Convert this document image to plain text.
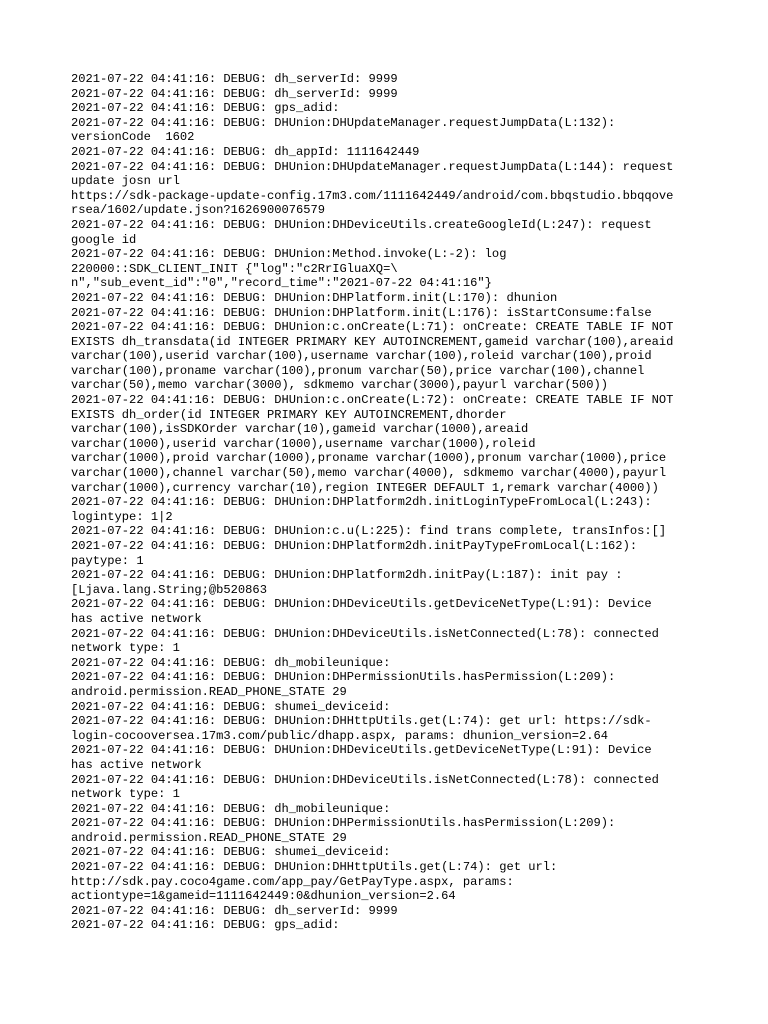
2021-07-22 04:41:16: DEBUG: dh_serverId: 9999
2021-07-22 04:41:16: DEBUG: dh_serverId: 9999
2021-07-22 04:41:16: DEBUG: gps_adid:
2021-07-22 04:41:16: DEBUG: DHUnion:DHUpdateManager.requestJumpData(L:132):
versionCode  1602
2021-07-22 04:41:16: DEBUG: dh_appId: 1111642449
2021-07-22 04:41:16: DEBUG: DHUnion:DHUpdateManager.requestJumpData(L:144): request
update josn url
https://sdk-package-update-config.17m3.com/1111642449/android/com.bbqstudio.bbqqove
rsea/1602/update.json?1626900076579
2021-07-22 04:41:16: DEBUG: DHUnion:DHDeviceUtils.createGoogleId(L:247): request
google id
2021-07-22 04:41:16: DEBUG: DHUnion:Method.invoke(L:-2): log
220000::SDK_CLIENT_INIT {"log":"c2RrIGluaXQ=\
n","sub_event_id":"0","record_time":"2021-07-22 04:41:16"}
2021-07-22 04:41:16: DEBUG: DHUnion:DHPlatform.init(L:170): dhunion
2021-07-22 04:41:16: DEBUG: DHUnion:DHPlatform.init(L:176): isStartConsume:false
2021-07-22 04:41:16: DEBUG: DHUnion:c.onCreate(L:71): onCreate: CREATE TABLE IF NOT
EXISTS dh_transdata(id INTEGER PRIMARY KEY AUTOINCREMENT,gameid varchar(100),areaid
varchar(100),userid varchar(100),username varchar(100),roleid varchar(100),proid
varchar(100),proname varchar(100),pronum varchar(50),price varchar(100),channel
varchar(50),memo varchar(3000), sdkmemo varchar(3000),payurl varchar(500))
2021-07-22 04:41:16: DEBUG: DHUnion:c.onCreate(L:72): onCreate: CREATE TABLE IF NOT
EXISTS dh_order(id INTEGER PRIMARY KEY AUTOINCREMENT,dhorder
varchar(100),isSDKOrder varchar(10),gameid varchar(1000),areaid
varchar(1000),userid varchar(1000),username varchar(1000),roleid
varchar(1000),proid varchar(1000),proname varchar(1000),pronum varchar(1000),price
varchar(1000),channel varchar(50),memo varchar(4000), sdkmemo varchar(4000),payurl
varchar(1000),currency varchar(10),region INTEGER DEFAULT 1,remark varchar(4000))
2021-07-22 04:41:16: DEBUG: DHUnion:DHPlatform2dh.initLoginTypeFromLocal(L:243):
logintype: 1|2
2021-07-22 04:41:16: DEBUG: DHUnion:c.u(L:225): find trans complete, transInfos:[]
2021-07-22 04:41:16: DEBUG: DHUnion:DHPlatform2dh.initPayTypeFromLocal(L:162):
paytype: 1
2021-07-22 04:41:16: DEBUG: DHUnion:DHPlatform2dh.initPay(L:187): init pay :
[Ljava.lang.String;@b520863
2021-07-22 04:41:16: DEBUG: DHUnion:DHDeviceUtils.getDeviceNetType(L:91): Device
has active network
2021-07-22 04:41:16: DEBUG: DHUnion:DHDeviceUtils.isNetConnected(L:78): connected
network type: 1
2021-07-22 04:41:16: DEBUG: dh_mobileunique:
2021-07-22 04:41:16: DEBUG: DHUnion:DHPermissionUtils.hasPermission(L:209):
android.permission.READ_PHONE_STATE 29
2021-07-22 04:41:16: DEBUG: shumei_deviceid:
2021-07-22 04:41:16: DEBUG: DHUnion:DHHttpUtils.get(L:74): get url: https://sdk-
login-cocooversea.17m3.com/public/dhapp.aspx, params: dhunion_version=2.64
2021-07-22 04:41:16: DEBUG: DHUnion:DHDeviceUtils.getDeviceNetType(L:91): Device
has active network
2021-07-22 04:41:16: DEBUG: DHUnion:DHDeviceUtils.isNetConnected(L:78): connected
network type: 1
2021-07-22 04:41:16: DEBUG: dh_mobileunique:
2021-07-22 04:41:16: DEBUG: DHUnion:DHPermissionUtils.hasPermission(L:209):
android.permission.READ_PHONE_STATE 29
2021-07-22 04:41:16: DEBUG: shumei_deviceid:
2021-07-22 04:41:16: DEBUG: DHUnion:DHHttpUtils.get(L:74): get url:
http://sdk.pay.coco4game.com/app_pay/GetPayType.aspx, params:
actiontype=1&gameid=1111642449:0&dhunion_version=2.64
2021-07-22 04:41:16: DEBUG: dh_serverId: 9999
2021-07-22 04:41:16: DEBUG: gps_adid:
